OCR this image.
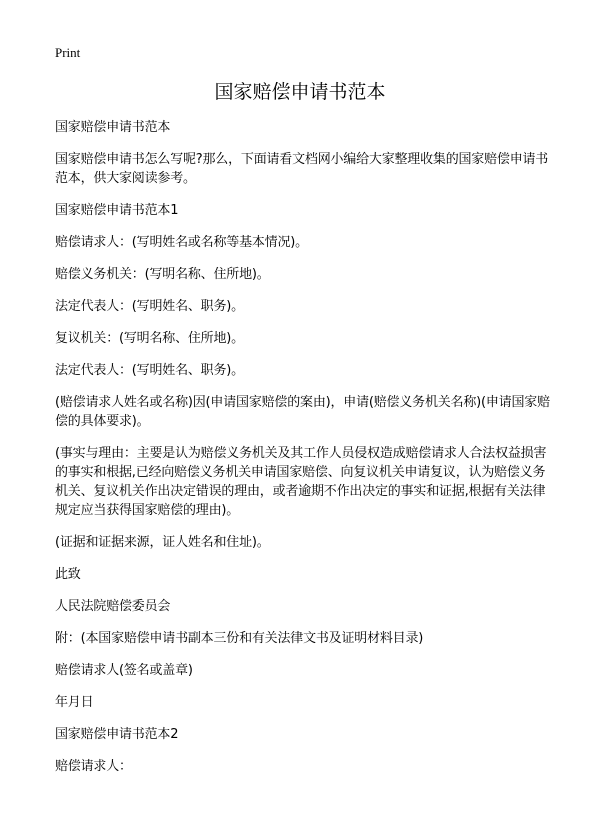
Print
国家赔偿申请书范本

国家赔偿申请书范本

国家赔偿申请书怎么写呢?那么，下面请看文档网小编给大家整理收集的国家赔偿申请书范本，供大家阅读参考。

国家赔偿申请书范本1

赔偿请求人：(写明姓名或名称等基本情况)。

赔偿义务机关：(写明名称、住所地)。

法定代表人：(写明姓名、职务)。

复议机关：(写明名称、住所地)。

法定代表人：(写明姓名、职务)。

(赔偿请求人姓名或名称)因(申请国家赔偿的案由)，申请(赔偿义务机关名称)(申请国家赔偿的具体要求)。

(事实与理由：主要是认为赔偿义务机关及其工作人员侵权造成赔偿请求人合法权益损害的事实和根据,已经向赔偿义务机关申请国家赔偿、向复议机关申请复议，认为赔偿义务机关、复议机关作出决定错误的理由，或者逾期不作出决定的事实和证据,根据有关法律规定应当获得国家赔偿的理由)。

(证据和证据来源，证人姓名和住址)。

此致

人民法院赔偿委员会

附：(本国家赔偿申请书副本三份和有关法律文书及证明材料目录)

赔偿请求人(签名或盖章)

年月日

国家赔偿申请书范本2

赔偿请求人：
